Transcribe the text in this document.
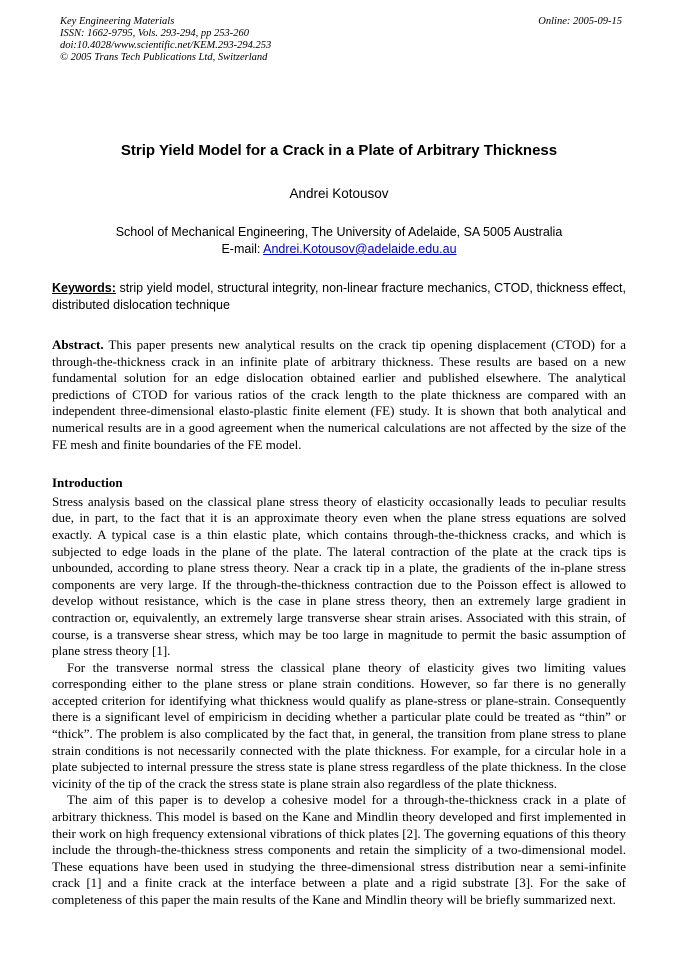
Key Engineering Materials
ISSN: 1662-9795, Vols. 293-294, pp 253-260
doi:10.4028/www.scientific.net/KEM.293-294.253
© 2005 Trans Tech Publications Ltd, Switzerland
Online: 2005-09-15
Strip Yield Model for a Crack in a Plate of Arbitrary Thickness
Andrei Kotousov
School of Mechanical Engineering, The University of Adelaide, SA 5005 Australia
E-mail: Andrei.Kotousov@adelaide.edu.au
Keywords: strip yield model, structural integrity, non-linear fracture mechanics, CTOD, thickness effect, distributed dislocation technique
Abstract. This paper presents new analytical results on the crack tip opening displacement (CTOD) for a through-the-thickness crack in an infinite plate of arbitrary thickness. These results are based on a new fundamental solution for an edge dislocation obtained earlier and published elsewhere. The analytical predictions of CTOD for various ratios of the crack length to the plate thickness are compared with an independent three-dimensional elasto-plastic finite element (FE) study. It is shown that both analytical and numerical results are in a good agreement when the numerical calculations are not affected by the size of the FE mesh and finite boundaries of the FE model.
Introduction

Stress analysis based on the classical plane stress theory of elasticity occasionally leads to peculiar results due, in part, to the fact that it is an approximate theory even when the plane stress equations are solved exactly. A typical case is a thin elastic plate, which contains through-the-thickness cracks, and which is subjected to edge loads in the plane of the plate. The lateral contraction of the plate at the crack tips is unbounded, according to plane stress theory. Near a crack tip in a plate, the gradients of the in-plane stress components are very large. If the through-the-thickness contraction due to the Poisson effect is allowed to develop without resistance, which is the case in plane stress theory, then an extremely large gradient in contraction or, equivalently, an extremely large transverse shear strain arises. Associated with this strain, of course, is a transverse shear stress, which may be too large in magnitude to permit the basic assumption of plane stress theory [1].

For the transverse normal stress the classical plane theory of elasticity gives two limiting values corresponding either to the plane stress or plane strain conditions. However, so far there is no generally accepted criterion for identifying what thickness would qualify as plane-stress or plane-strain. Consequently there is a significant level of empiricism in deciding whether a particular plate could be treated as “thin” or “thick”. The problem is also complicated by the fact that, in general, the transition from plane stress to plane strain conditions is not necessarily connected with the plate thickness. For example, for a circular hole in a plate subjected to internal pressure the stress state is plane stress regardless of the plate thickness. In the close vicinity of the tip of the crack the stress state is plane strain also regardless of the plate thickness.

The aim of this paper is to develop a cohesive model for a through-the-thickness crack in a plate of arbitrary thickness. This model is based on the Kane and Mindlin theory developed and first implemented in their work on high frequency extensional vibrations of thick plates [2]. The governing equations of this theory include the through-the-thickness stress components and retain the simplicity of a two-dimensional model. These equations have been used in studying the three-dimensional stress distribution near a semi-infinite crack [1] and a finite crack at the interface between a plate and a rigid substrate [3]. For the sake of completeness of this paper the main results of the Kane and Mindlin theory will be briefly summarized next.
